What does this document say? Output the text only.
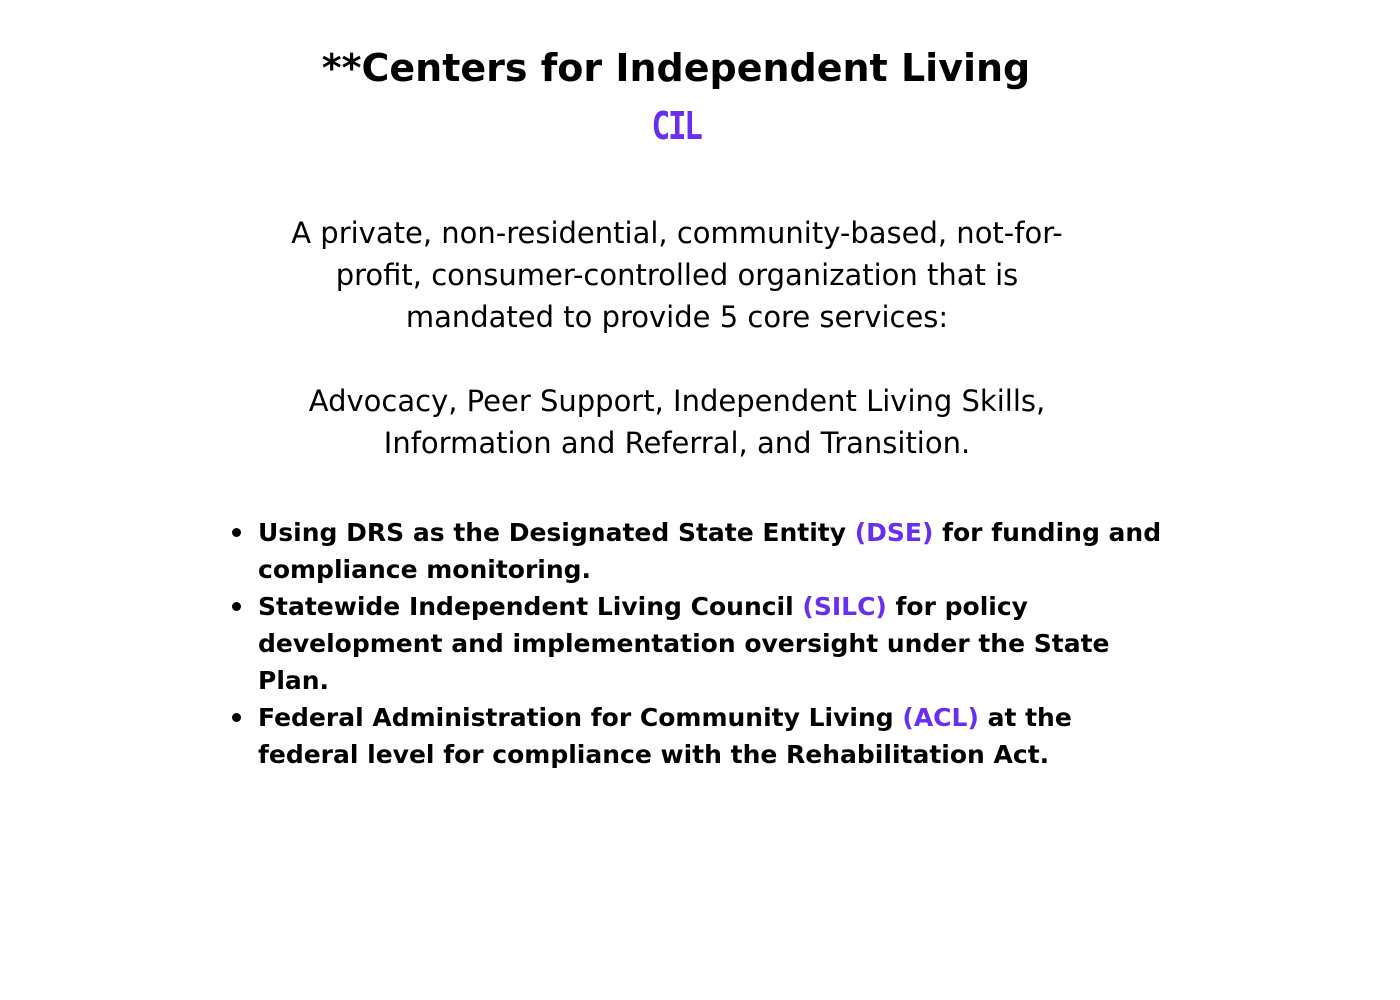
**Centers for Independent Living
CIL

A private, non-residential, community-based, not-for-
profit, consumer-controlled organization that is
mandated to provide 5 core services:
Advocacy, Peer Support, Independent Living Skills,
Information and Referral, and Transition.

Using DRS as the Designated State Entity (DSE) for funding and compliance monitoring.
Statewide Independent Living Council (SILC) for policy development and implementation oversight under the State Plan.
Federal Administration for Community Living (ACL) at the federal level for compliance with the Rehabilitation Act.
